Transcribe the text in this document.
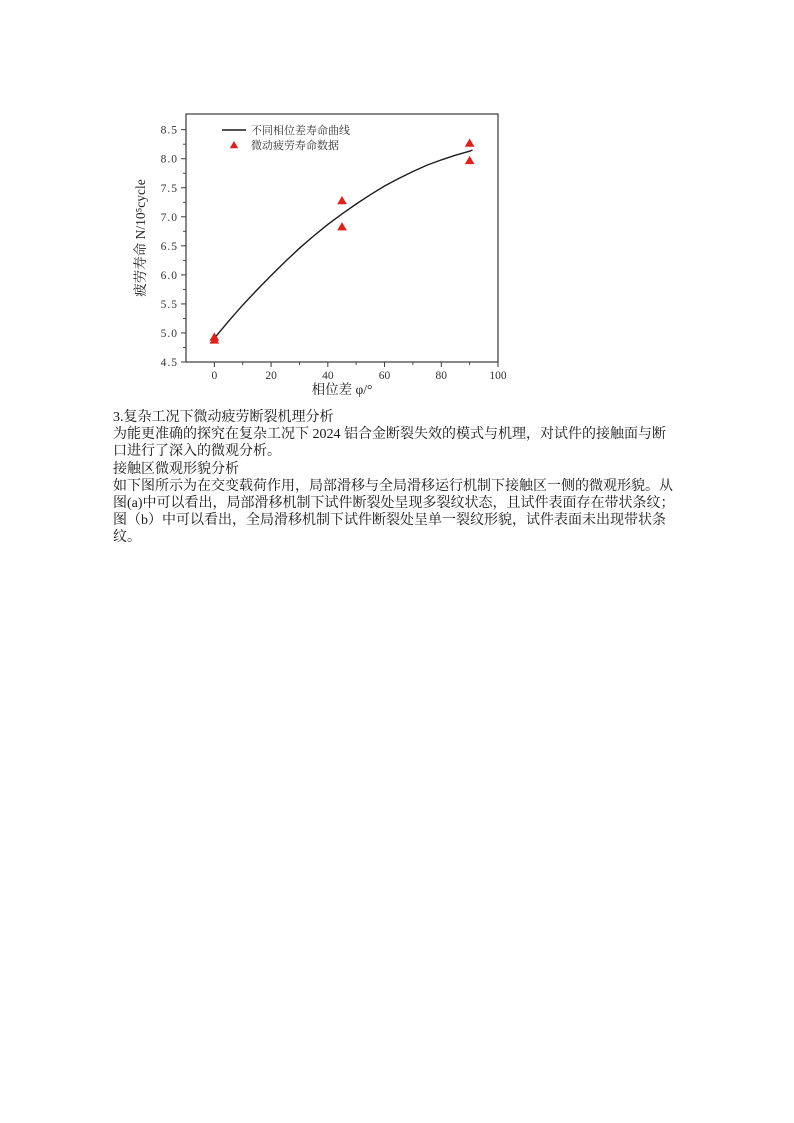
0	20	40	60	80	100
4.5
5.0
5.5
6.0
6.5
7.0
7.5
8.0
8.5
相位差 φ/°
疲劳寿命 N/10⁵cycle
不同相位差寿命曲线
微动疲劳寿命数据
3.复杂工况下微动疲劳断裂机理分析
为能更准确的探究在复杂工况下 2024 铝合金断裂失效的模式与机理，对试件的接触面与断
口进行了深入的微观分析。
接触区微观形貌分析
如下图所示为在交变载荷作用，局部滑移与全局滑移运行机制下接触区一侧的微观形貌。从
图(a)中可以看出，局部滑移机制下试件断裂处呈现多裂纹状态，且试件表面存在带状条纹；
图（b）中可以看出，全局滑移机制下试件断裂处呈单一裂纹形貌，试件表面未出现带状条
纹。
